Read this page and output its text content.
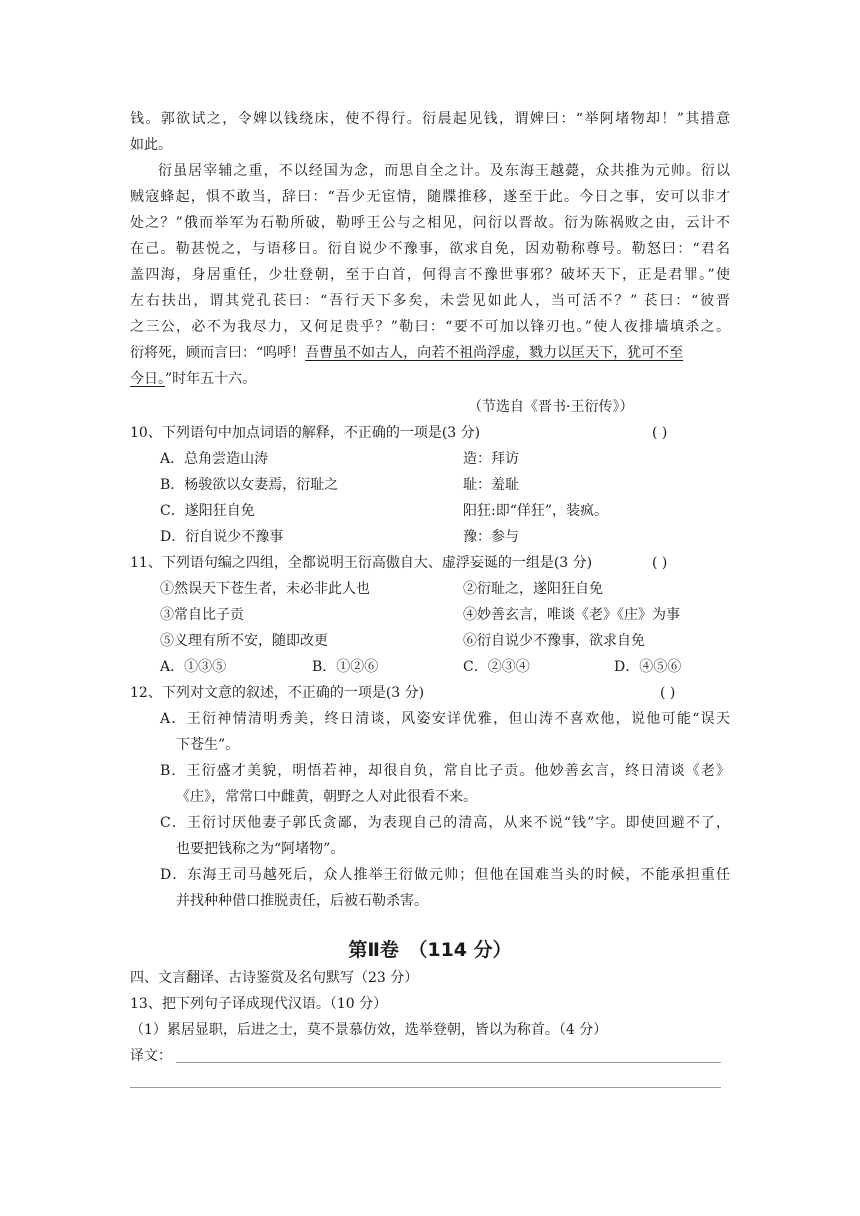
钱。郭欲试之，令婢以钱绕床，使不得行。衍晨起见钱，谓婢曰：“举阿堵物却！”其措意
如此。
衍虽居宰辅之重，不以经国为念，而思自全之计。及东海王越薨，众共推为元帅。衍以
贼寇蜂起，惧不敢当，辞曰：“吾少无宦情，随牒推移，遂至于此。今日之事，安可以非才
处之？”俄而举军为石勒所破，勒呼王公与之相见，问衍以晋故。衍为陈祸败之由，云计不
在己。勒甚悦之，与语移日。衍自说少不豫事，欲求自免，因劝勒称尊号。勒怒曰：“君名
盖四海，身居重任，少壮登朝，至于白首，何得言不豫世事邪？破坏天下，正是君罪。”使
左右扶出，谓其党孔苌曰：“吾行天下多矣，未尝见如此人，当可活不？” 苌曰：“彼晋
之三公，必不为我尽力，又何足贵乎？”勒曰：“要不可加以锋刃也。”使人夜排墙填杀之。
衍将死，顾而言曰：“呜呼！吾曹虽不如古人，向若不祖尚浮虚，戮力以匡天下，犹可不至
今日。”时年五十六。
（节选自《晋书·王衍传》）
10、下列语句中加点词语的解释，不正确的一项是(3 分)	( )
A．总角尝造山涛	造：拜访
B．杨骏欲以女妻焉，衍耻之	耻：羞耻
C．遂阳狂自免	阳狂:即“佯狂”，装疯。
D．衍自说少不豫事	豫：参与
11、下列语句编之四组，全都说明王衍高傲自大、虚浮妄诞的一组是(3 分)	( )
①然误天下苍生者，未必非此人也	②衍耻之，遂阳狂自免
③常自比子贡	④妙善玄言，唯谈《老》《庄》为事
⑤义理有所不安，随即改更	⑥衍自说少不豫事，欲求自免
A．①③⑤	B．①②⑥	C．②③④	D．④⑤⑥
12、下列对文意的叙述，不正确的一项是(3 分)	( )
A．王衍神情清明秀美，终日清谈，风姿安详优雅，但山涛不喜欢他，说他可能“误天
下苍生”。
B．王衍盛才美貌，明悟若神，却很自负，常自比子贡。他妙善玄言，终日清谈《老》
《庄》，常常口中雌黄，朝野之人对此很看不来。
C．王衍讨厌他妻子郭氏贪鄙，为表现自己的清高，从来不说“钱”字。即使回避不了，
也要把钱称之为“阿堵物”。
D．东海王司马越死后，众人推举王衍做元帅；但他在国难当头的时候，不能承担重任
并找种种借口推脱责任，后被石勒杀害。
第Ⅱ卷　（114 分）
四、文言翻译、古诗鉴赏及名句默写（23 分）
13、把下列句子译成现代汉语。（10 分）
（1）累居显职，后进之士，莫不景慕仿效，选举登朝，皆以为称首。（4 分）
译文：
